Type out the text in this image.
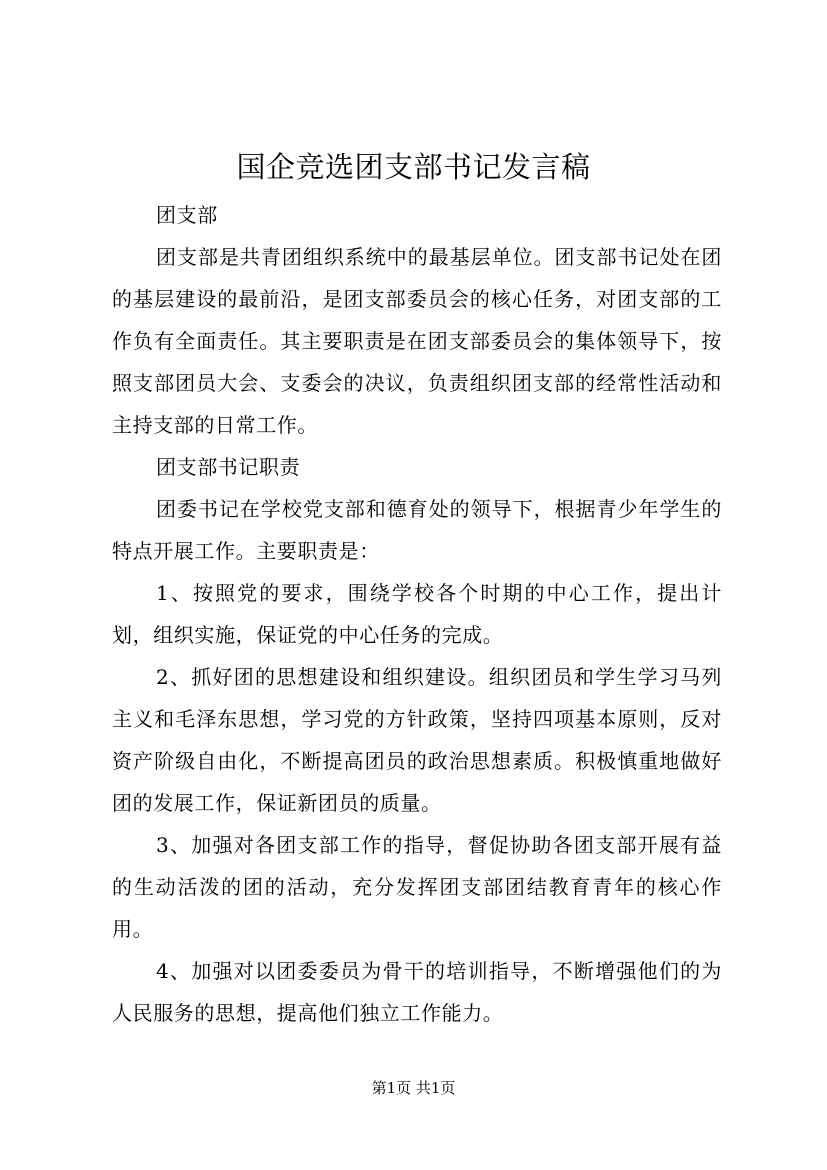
国企竞选团支部书记发言稿

团支部

团支部是共青团组织系统中的最基层单位。团支部书记处在团的基层建设的最前沿，是团支部委员会的核心任务，对团支部的工作负有全面责任。其主要职责是在团支部委员会的集体领导下，按照支部团员大会、支委会的决议，负责组织团支部的经常性活动和主持支部的日常工作。

团支部书记职责

团委书记在学校党支部和德育处的领导下，根据青少年学生的特点开展工作。主要职责是：

1、按照党的要求，围绕学校各个时期的中心工作，提出计划，组织实施，保证党的中心任务的完成。

2、抓好团的思想建设和组织建设。组织团员和学生学习马列主义和毛泽东思想，学习党的方针政策，坚持四项基本原则，反对资产阶级自由化，不断提高团员的政治思想素质。积极慎重地做好团的发展工作，保证新团员的质量。

3、加强对各团支部工作的指导，督促协助各团支部开展有益的生动活泼的团的活动，充分发挥团支部团结教育青年的核心作用。

4、加强对以团委委员为骨干的培训指导，不断增强他们的为人民服务的思想，提高他们独立工作能力。

第1页 共1页
